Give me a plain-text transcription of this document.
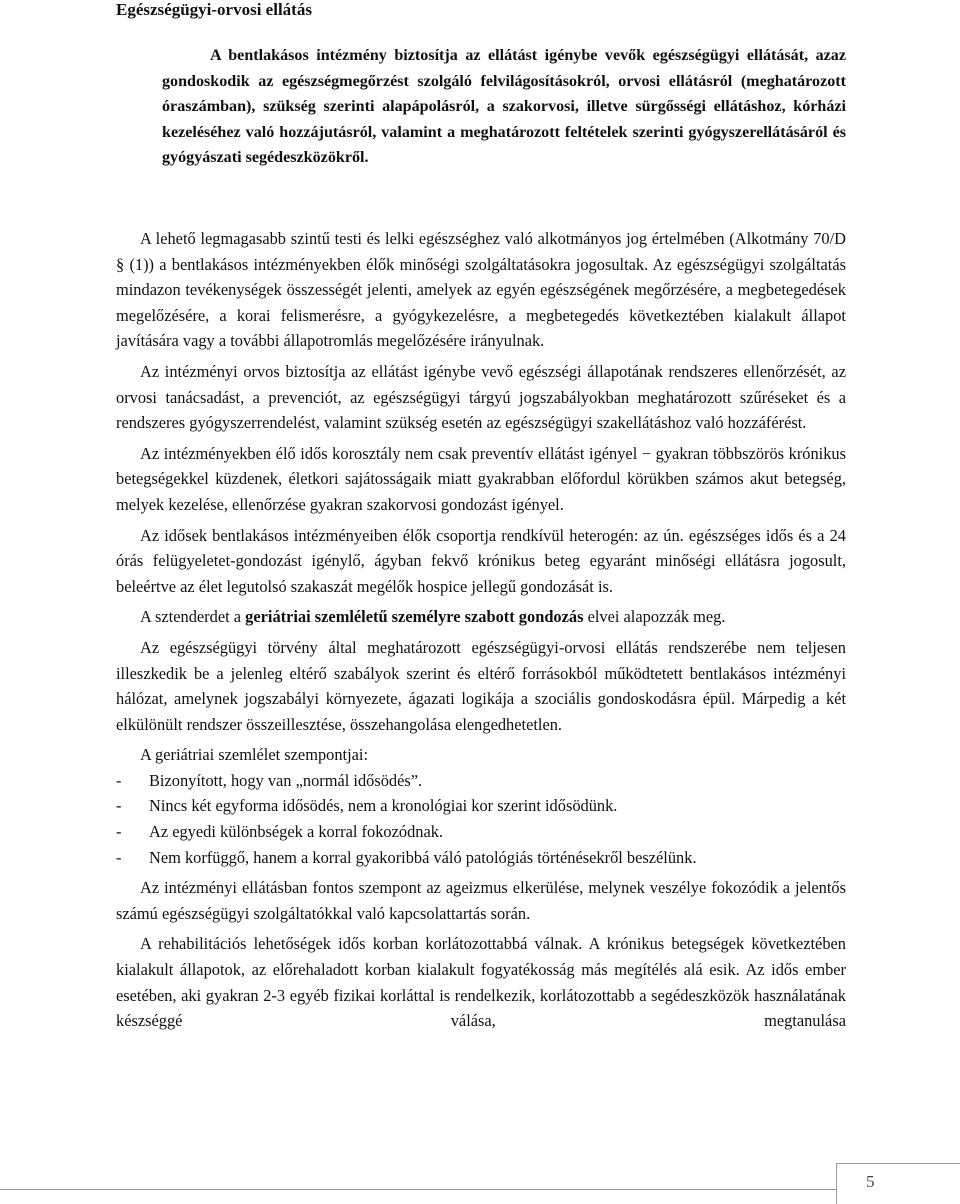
Egészségügyi-orvosi ellátás
A bentlakásos intézmény biztosítja az ellátást igénybe vevők egészségügyi ellátását, azaz gondoskodik az egészségmegőrzést szolgáló felvilágosításokról, orvosi ellátásról (meghatározott óraszámban), szükség szerinti alapápolásról, a szakorvosi, illetve sürgősségi ellátáshoz, kórházi kezeléséhez való hozzájutásról, valamint a meghatározott feltételek szerinti gyógyszerellátásáról és gyógyászati segédeszközökről.

A lehető legmagasabb szintű testi és lelki egészséghez való alkotmányos jog értelmében (Alkotmány 70/D § (1)) a bentlakásos intézményekben élők minőségi szolgáltatásokra jogosultak. Az egészségügyi szolgáltatás mindazon tevékenységek összességét jelenti, amelyek az egyén egészségének megőrzésére, a megbetegedések megelőzésére, a korai felismerésre, a gyógykezelésre, a megbetegedés következtében kialakult állapot javítására vagy a további állapotromlás megelőzésére irányulnak.

Az intézményi orvos biztosítja az ellátást igénybe vevő egészségi állapotának rendszeres ellenőrzését, az orvosi tanácsadást, a prevenciót, az egészségügyi tárgyú jogszabályokban meghatározott szűréseket és a rendszeres gyógyszerrendelést, valamint szükség esetén az egészségügyi szakellátáshoz való hozzáférést.

Az intézményekben élő idős korosztály nem csak preventív ellátást igényel − gyakran többszörös krónikus betegségekkel küzdenek, életkori sajátosságaik miatt gyakrabban előfordul körükben számos akut betegség, melyek kezelése, ellenőrzése gyakran szakorvosi gondozást igényel.

Az idősek bentlakásos intézményeiben élők csoportja rendkívül heterogén: az ún. egészséges idős és a 24 órás felügyeletet-gondozást igénylő, ágyban fekvő krónikus beteg egyaránt minőségi ellátásra jogosult, beleértve az élet legutolsó szakaszát megélők hospice jellegű gondozását is.

A sztenderdet a geriátriai szemléletű személyre szabott gondozás elvei alapozzák meg.

Az egészségügyi törvény által meghatározott egészségügyi-orvosi ellátás rendszerébe nem teljesen illeszkedik be a jelenleg eltérő szabályok szerint és eltérő forrásokból működtetett bentlakásos intézményi hálózat, amelynek jogszabályi környezete, ágazati logikája a szociális gondoskodásra épül. Márpedig a két elkülönült rendszer összeillesztése, összehangolása elengedhetetlen.

A geriátriai szemlélet szempontjai:

-	Bizonyított, hogy van „normál idősödés”.
-	Nincs két egyforma idősödés, nem a kronológiai kor szerint idősödünk.
-	Az egyedi különbségek a korral fokozódnak.
-	Nem korfüggő, hanem a korral gyakoribbá váló patológiás történésekről beszélünk.

Az intézményi ellátásban fontos szempont az ageizmus elkerülése, melynek veszélye fokozódik a jelentős számú egészségügyi szolgáltatókkal való kapcsolattartás során.

A rehabilitációs lehetőségek idős korban korlátozottabbá válnak. A krónikus betegségek következtében kialakult állapotok, az előrehaladott korban kialakult fogyatékosság más megítélés alá esik. Az idős ember esetében, aki gyakran 2-3 egyéb fizikai korláttal is rendelkezik, korlátozottabb a segédeszközök használatának készséggé válása, megtanulása

5
